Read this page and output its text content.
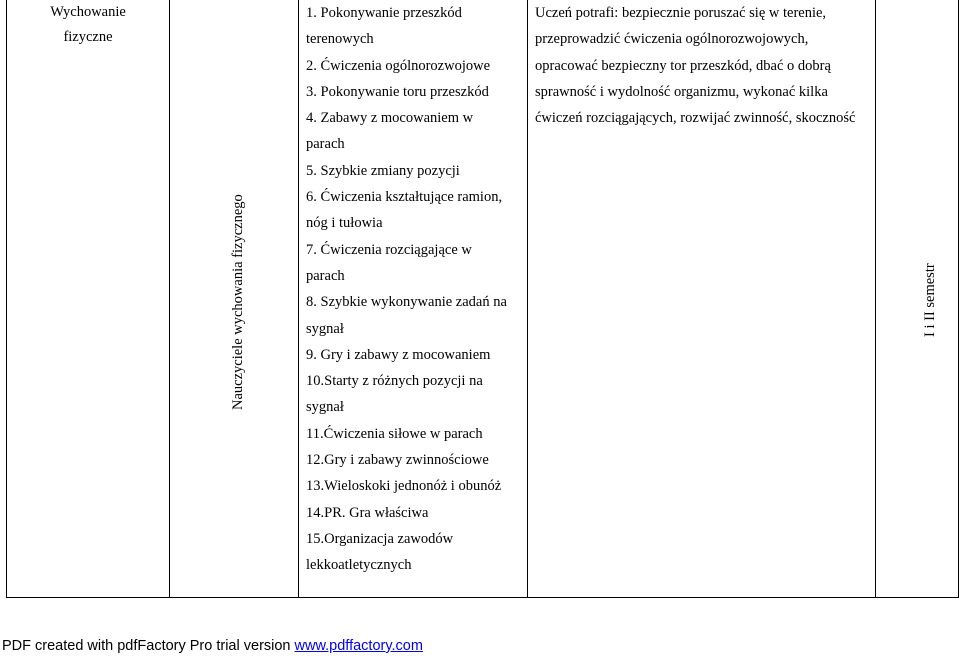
Wychowanie
fizyczne
Nauczyciele wychowania fizycznego
1. Pokonywanie przeszkód
terenowych
2. Ćwiczenia ogólnorozwojowe
3. Pokonywanie toru przeszkód
4. Zabawy z mocowaniem w
parach
5. Szybkie zmiany pozycji
6. Ćwiczenia kształtujące ramion,
nóg i tułowia
7. Ćwiczenia rozciągające w
parach
8. Szybkie wykonywanie zadań na
sygnał
9. Gry i zabawy z mocowaniem
10.Starty z różnych pozycji na
sygnał
11.Ćwiczenia siłowe w parach
12.Gry i zabawy zwinnościowe
13.Wieloskoki jednonóż i obunóż
14.PR. Gra właściwa
15.Organizacja zawodów
lekkoatletycznych
Uczeń potrafi: bezpiecznie poruszać się w terenie,
przeprowadzić ćwiczenia ogólnorozwojowych,
opracować bezpieczny tor przeszkód, dbać o dobrą
sprawność i wydolność organizmu, wykonać kilka
ćwiczeń rozciągających, rozwijać zwinność, skoczność
I i II semestr
PDF created with pdfFactory Pro trial version www.pdffactory.com
